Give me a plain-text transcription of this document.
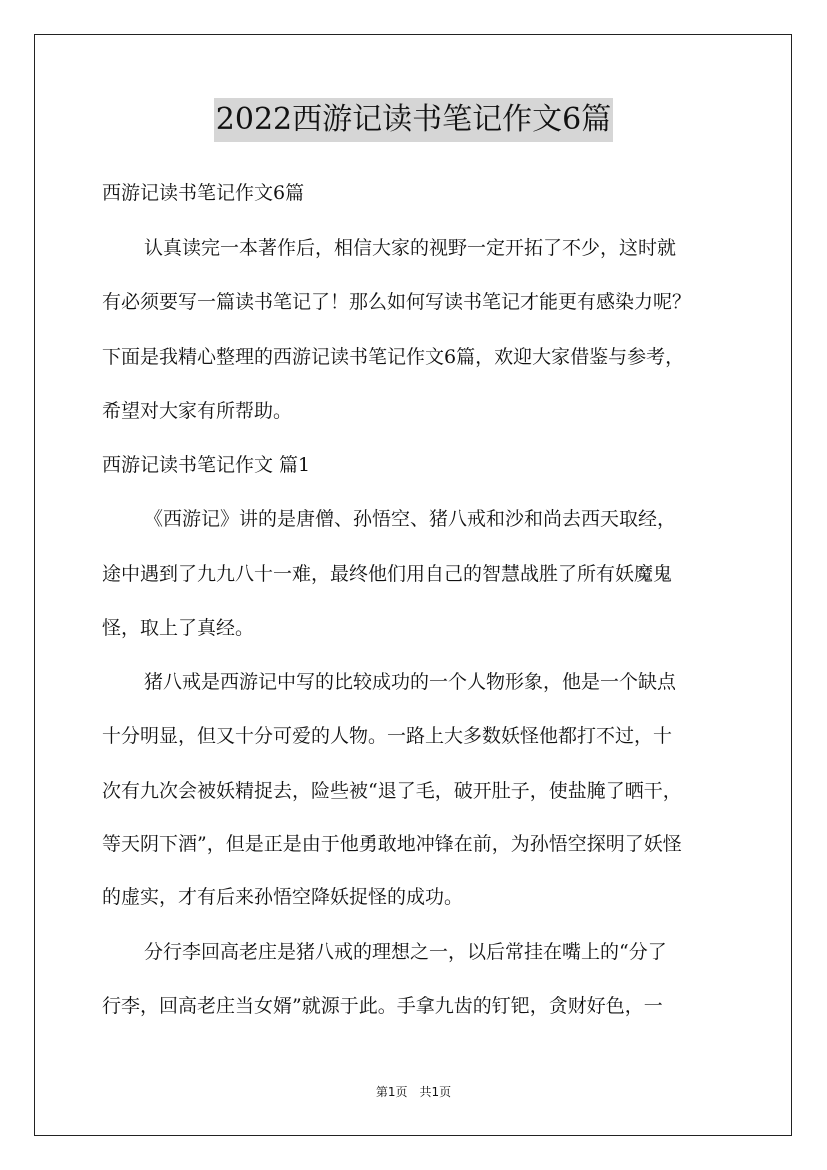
2022西游记读书笔记作文6篇
西游记读书笔记作文6篇
认真读完一本著作后，相信大家的视野一定开拓了不少，这时就
有必须要写一篇读书笔记了！那么如何写读书笔记才能更有感染力呢？
下面是我精心整理的西游记读书笔记作文6篇，欢迎大家借鉴与参考，
希望对大家有所帮助。
西游记读书笔记作文 篇1
《西游记》讲的是唐僧、孙悟空、猪八戒和沙和尚去西天取经，
途中遇到了九九八十一难，最终他们用自己的智慧战胜了所有妖魔鬼
怪，取上了真经。
猪八戒是西游记中写的比较成功的一个人物形象，他是一个缺点
十分明显，但又十分可爱的人物。一路上大多数妖怪他都打不过，十
次有九次会被妖精捉去，险些被“退了毛，破开肚子，使盐腌了晒干，
等天阴下酒”，但是正是由于他勇敢地冲锋在前，为孙悟空探明了妖怪
的虚实，才有后来孙悟空降妖捉怪的成功。
分行李回高老庄是猪八戒的理想之一，以后常挂在嘴上的“分了
行李，回高老庄当女婿”就源于此。手拿九齿的钉钯，贪财好色，一
第1页　共1页
